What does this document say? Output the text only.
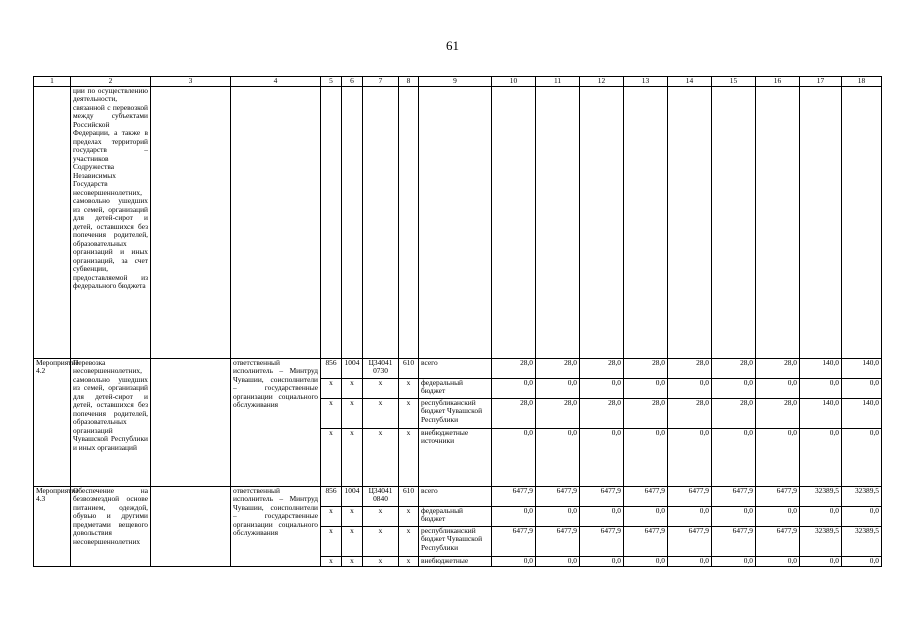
61
1	2	3	4	5	6	7	8	9	10	11	12	13	14	15	16	17	18
	ции по осуществлению деятельности, связанной с перевозкой между субъектами Российской Федерации, а также в пределах территорий государств – участников Содружества Независимых Государств несовершеннолетних, самовольно ушедших из семей, организаций для детей-сирот и детей, оставшихся без попечения родителей, образовательных организаций и иных организаций, за счет субвенции, предоставляемой из федерального бюджета																
Мероприятие 4.2	Перевозка несовершеннолетних, самовольно ушедших из семей, организаций для детей-сирот и детей, оставшихся без попечения родителей, образовательных организаций Чувашской Республики и иных организаций		ответственный исполнитель – Минтруд Чувашии, соисполнители – государственные организации социального обслуживания	856	1004	Ц34041 0730	610	всего	28,0	28,0	28,0	28,0	28,0	28,0	28,0	140,0	140,0
				х	х	х	х	федеральный бюджет	0,0	0,0	0,0	0,0	0,0	0,0	0,0	0,0	0,0
				х	х	х	х	республиканский бюджет Чувашской Республики	28,0	28,0	28,0	28,0	28,0	28,0	28,0	140,0	140,0
				х	х	х	х	внебюджетные источники	0,0	0,0	0,0	0,0	0,0	0,0	0,0	0,0	0,0
Мероприятие 4.3	Обеспечение на безвозмездной основе питанием, одеждой, обувью и другими предметами вещевого довольствия несовершеннолетних		ответственный исполнитель – Минтруд Чувашии, соисполнители – государственные организации социального обслуживания	856	1004	Ц34041 0840	610	всего	6477,9	6477,9	6477,9	6477,9	6477,9	6477,9	6477,9	32389,5	32389,5
				х	х	х	х	федеральный бюджет	0,0	0,0	0,0	0,0	0,0	0,0	0,0	0,0	0,0
				х	х	х	х	республиканский бюджет Чувашской Республики	6477,9	6477,9	6477,9	6477,9	6477,9	6477,9	6477,9	32389,5	32389,5
				х	х	х	х	внебюджетные	0,0	0,0	0,0	0,0	0,0	0,0	0,0	0,0	0,0
